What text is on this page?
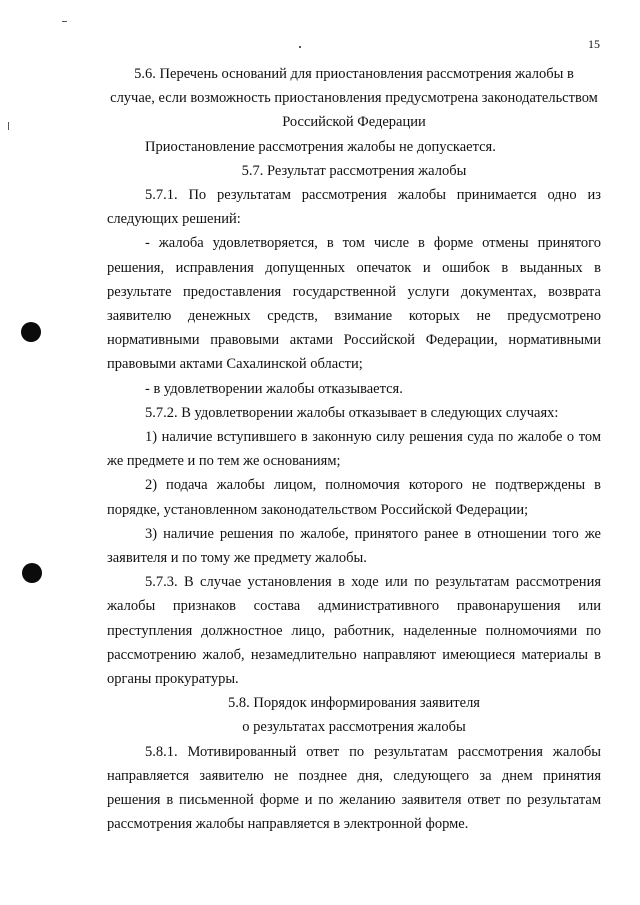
15

5.6. Перечень оснований для приостановления рассмотрения жалобы в
случае, если возможность приостановления предусмотрена законодательством
Российской Федерации

Приостановление рассмотрения жалобы не допускается.

5.7. Результат рассмотрения жалобы

5.7.1. По результатам рассмотрения жалобы принимается одно из следующих решений:

- жалоба удовлетворяется, в том числе в форме отмены принятого решения, исправления допущенных опечаток и ошибок в выданных в результате предоставления государственной услуги документах, возврата заявителю денежных средств, взимание которых не предусмотрено нормативными правовыми актами Российской Федерации, нормативными правовыми актами Сахалинской области;

- в удовлетворении жалобы отказывается.

5.7.2. В удовлетворении жалобы отказывает в следующих случаях:

1) наличие вступившего в законную силу решения суда по жалобе о том же предмете и по тем же основаниям;

2) подача жалобы лицом, полномочия которого не подтверждены в порядке, установленном законодательством Российской Федерации;

3) наличие решения по жалобе, принятого ранее в отношении того же заявителя и по тому же предмету жалобы.

5.7.3. В случае установления в ходе или по результатам рассмотрения жалобы признаков состава административного правонарушения или преступления должностное лицо, работник, наделенные полномочиями по рассмотрению жалоб, незамедлительно направляют имеющиеся материалы в органы прокуратуры.

5.8. Порядок информирования заявителя
о результатах рассмотрения жалобы

5.8.1. Мотивированный ответ по результатам рассмотрения жалобы направляется заявителю не позднее дня, следующего за днем принятия решения в письменной форме и по желанию заявителя ответ по результатам рассмотрения жалобы направляется в электронной форме.
